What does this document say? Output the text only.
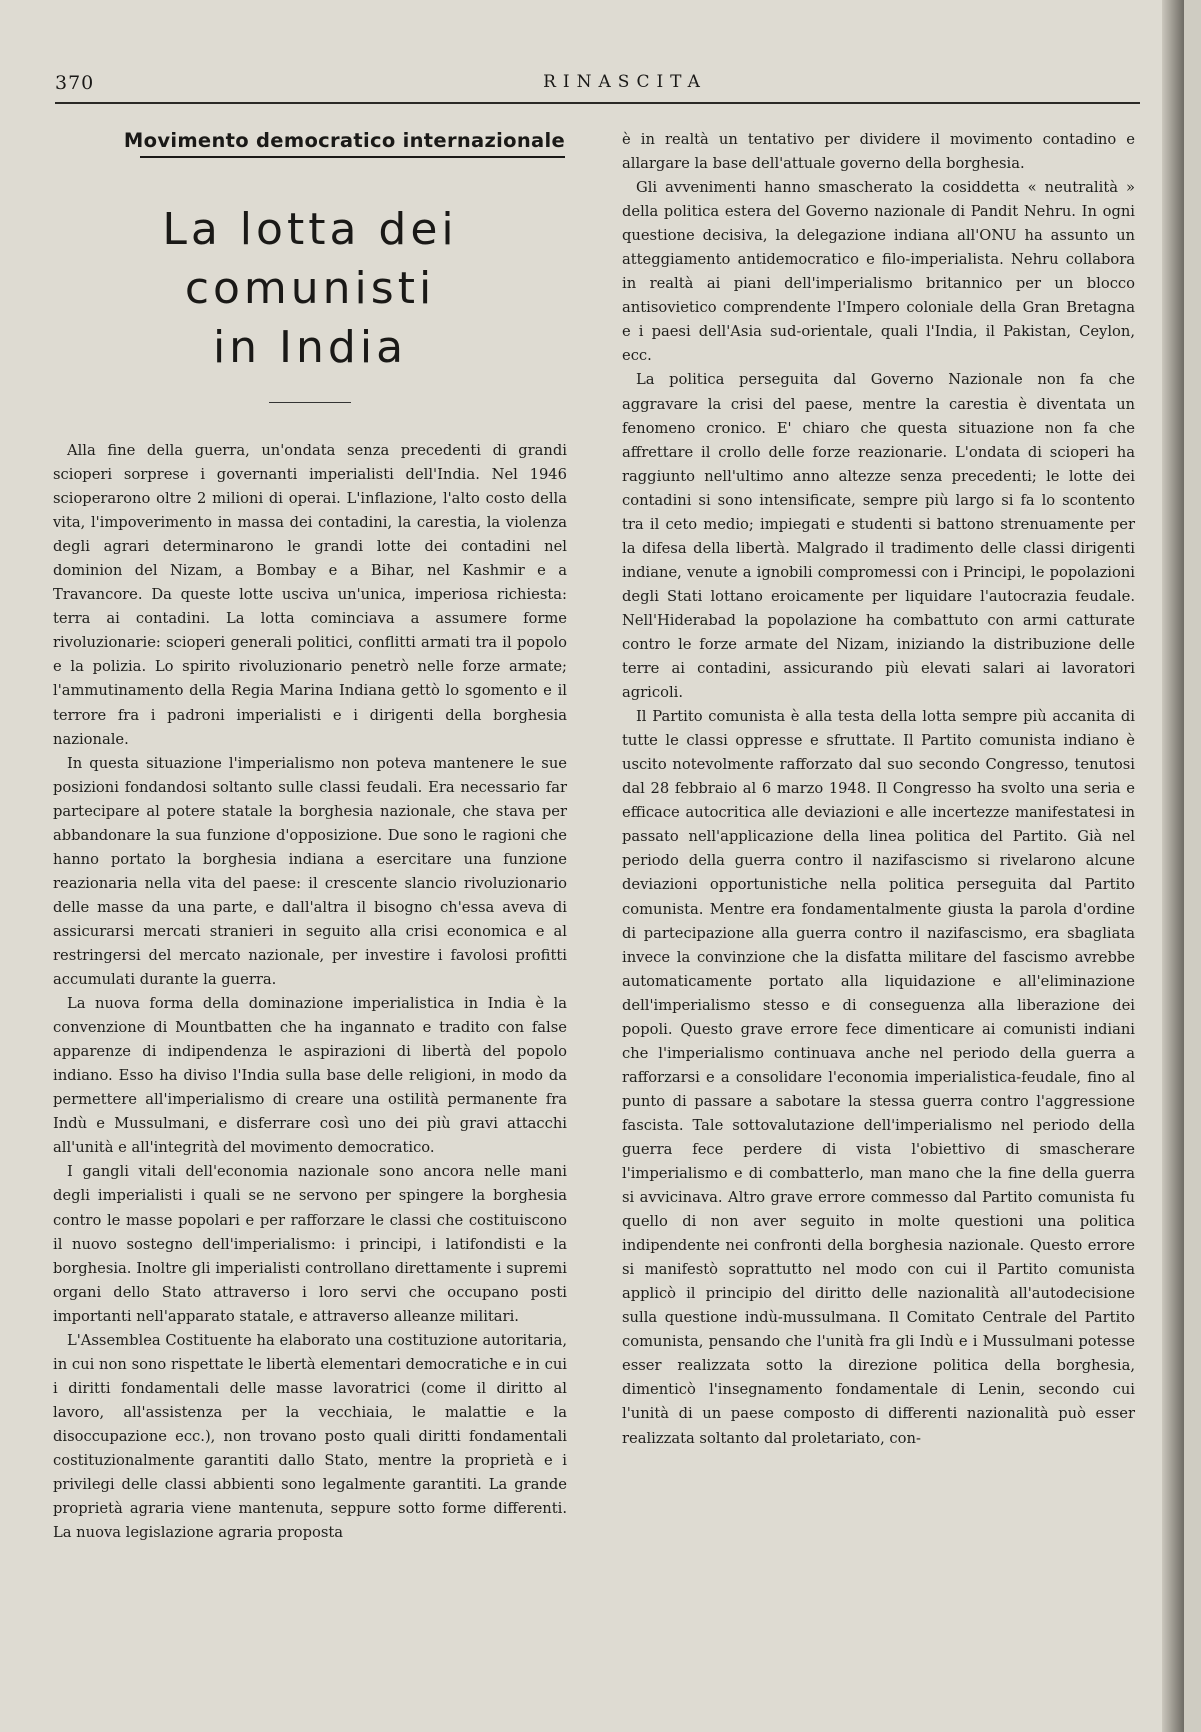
370	RINASCITA
Movimento democratico internazionale
La lotta dei comunisti
in India

Alla fine della guerra, un'ondata senza precedenti di grandi scioperi sorprese i governanti imperialisti dell'India. Nel 1946 scioperarono oltre 2 milioni di operai. L'inflazione, l'alto costo della vita, l'impoverimento in massa dei contadini, la carestia, la violenza degli agrari determinarono le grandi lotte dei contadini nel dominion del Nizam, a Bombay e a Bihar, nel Kashmir e a Travancore. Da queste lotte usciva un'unica, imperiosa richiesta: terra ai contadini. La lotta cominciava a assumere forme rivoluzionarie: scioperi generali politici, conflitti armati tra il popolo e la polizia. Lo spirito rivoluzionario penetrò nelle forze armate; l'ammutinamento della Regia Marina Indiana gettò lo sgomento e il terrore fra i padroni imperialisti e i dirigenti della borghesia nazionale.

In questa situazione l'imperialismo non poteva mantenere le sue posizioni fondandosi soltanto sulle classi feudali. Era necessario far partecipare al potere statale la borghesia nazionale, che stava per abbandonare la sua funzione d'opposizione. Due sono le ragioni che hanno portato la borghesia indiana a esercitare una funzione reazionaria nella vita del paese: il crescente slancio rivoluzionario delle masse da una parte, e dall'altra il bisogno ch'essa aveva di assicurarsi mercati stranieri in seguito alla crisi economica e al restringersi del mercato nazionale, per investire i favolosi profitti accumulati durante la guerra.

La nuova forma della dominazione imperialistica in India è la convenzione di Mountbatten che ha ingannato e tradito con false apparenze di indipendenza le aspirazioni di libertà del popolo indiano. Esso ha diviso l'India sulla base delle religioni, in modo da permettere all'imperialismo di creare una ostilità permanente fra Indù e Mussulmani, e disferrare così uno dei più gravi attacchi all'unità e all'integrità del movimento democratico.

I gangli vitali dell'economia nazionale sono ancora nelle mani degli imperialisti i quali se ne servono per spingere la borghesia contro le masse popolari e per rafforzare le classi che costituiscono il nuovo sostegno dell'imperialismo: i principi, i latifondisti e la borghesia. Inoltre gli imperialisti controllano direttamente i supremi organi dello Stato attraverso i loro servi che occupano posti importanti nell'apparato statale, e attraverso alleanze militari.

L'Assemblea Costituente ha elaborato una costituzione autoritaria, in cui non sono rispettate le libertà elementari democratiche e in cui i diritti fondamentali delle masse lavoratrici (come il diritto al lavoro, all'assistenza per la vecchiaia, le malattie e la disoccupazione ecc.), non trovano posto quali diritti fondamentali costituzionalmente garantiti dallo Stato, mentre la proprietà e i privilegi delle classi abbienti sono legalmente garantiti. La grande proprietà agraria viene mantenuta, seppure sotto forme differenti. La nuova legislazione agraria proposta

è in realtà un tentativo per dividere il movimento contadino e allargare la base dell'attuale governo della borghesia.

Gli avvenimenti hanno smascherato la cosiddetta « neutralità » della politica estera del Governo nazionale di Pandit Nehru. In ogni questione decisiva, la delegazione indiana all'ONU ha assunto un atteggiamento antidemocratico e filo-imperialista. Nehru collabora in realtà ai piani dell'imperialismo britannico per un blocco antisovietico comprendente l'Impero coloniale della Gran Bretagna e i paesi dell'Asia sud-orientale, quali l'India, il Pakistan, Ceylon, ecc.

La politica perseguita dal Governo Nazionale non fa che aggravare la crisi del paese, mentre la carestia è diventata un fenomeno cronico. E' chiaro che questa situazione non fa che affrettare il crollo delle forze reazionarie. L'ondata di scioperi ha raggiunto nell'ultimo anno altezze senza precedenti; le lotte dei contadini si sono intensificate, sempre più largo si fa lo scontento tra il ceto medio; impiegati e studenti si battono strenuamente per la difesa della libertà. Malgrado il tradimento delle classi dirigenti indiane, venute a ignobili compromessi con i Principi, le popolazioni degli Stati lottano eroicamente per liquidare l'autocrazia feudale. Nell'Hiderabad la popolazione ha combattuto con armi catturate contro le forze armate del Nizam, iniziando la distribuzione delle terre ai contadini, assicurando più elevati salari ai lavoratori agricoli.

Il Partito comunista è alla testa della lotta sempre più accanita di tutte le classi oppresse e sfruttate. Il Partito comunista indiano è uscito notevolmente rafforzato dal suo secondo Congresso, tenutosi dal 28 febbraio al 6 marzo 1948. Il Congresso ha svolto una seria e efficace autocritica alle deviazioni e alle incertezze manifestatesi in passato nell'applicazione della linea politica del Partito. Già nel periodo della guerra contro il nazifascismo si rivelarono alcune deviazioni opportunistiche nella politica perseguita dal Partito comunista. Mentre era fondamentalmente giusta la parola d'ordine di partecipazione alla guerra contro il nazifascismo, era sbagliata invece la convinzione che la disfatta militare del fascismo avrebbe automaticamente portato alla liquidazione e all'eliminazione dell'imperialismo stesso e di conseguenza alla liberazione dei popoli. Questo grave errore fece dimenticare ai comunisti indiani che l'imperialismo continuava anche nel periodo della guerra a rafforzarsi e a consolidare l'economia imperialistica-feudale, fino al punto di passare a sabotare la stessa guerra contro l'aggressione fascista. Tale sottovalutazione dell'imperialismo nel periodo della guerra fece perdere di vista l'obiettivo di smascherare l'imperialismo e di combatterlo, man mano che la fine della guerra si avvicinava. Altro grave errore commesso dal Partito comunista fu quello di non aver seguito in molte questioni una politica indipendente nei confronti della borghesia nazionale. Questo errore si manifestò soprattutto nel modo con cui il Partito comunista applicò il principio del diritto delle nazionalità all'autodecisione sulla questione indù-mussulmana. Il Comitato Centrale del Partito comunista, pensando che l'unità fra gli Indù e i Mussulmani potesse esser realizzata sotto la direzione politica della borghesia, dimenticò l'insegnamento fondamentale di Lenin, secondo cui l'unità di un paese composto di differenti nazionalità può esser realizzata soltanto dal proletariato, con-
